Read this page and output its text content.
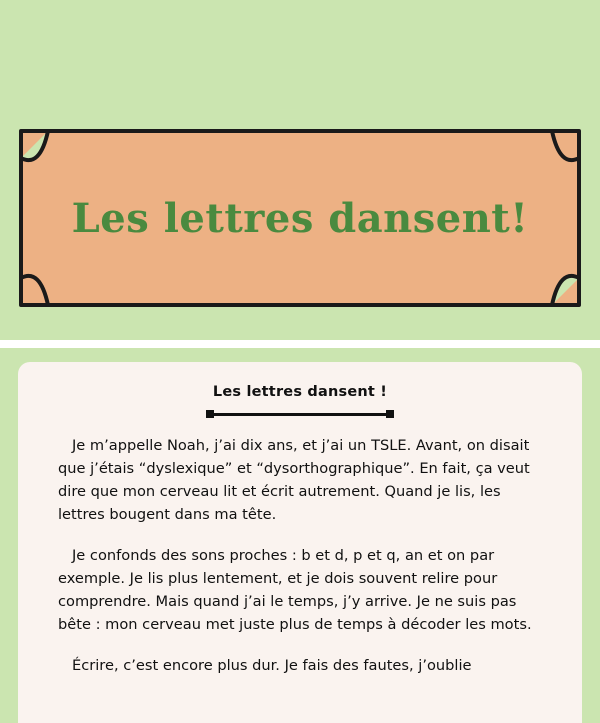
Les lettres dansent!
Les lettres dansent !

Je m’appelle Noah, j’ai dix ans, et j’ai un TSLE. Avant, on disait que j’étais “dyslexique” et “dysorthographique”. En fait, ça veut dire que mon cerveau lit et écrit autrement. Quand je lis, les lettres bougent dans ma tête.

Je confonds des sons proches : b et d, p et q, an et on par exemple. Je lis plus lentement, et je dois souvent relire pour comprendre. Mais quand j’ai le temps, j’y arrive. Je ne suis pas bête : mon cerveau met juste plus de temps à décoder les mots.

Écrire, c’est encore plus dur. Je fais des fautes, j’oublie
